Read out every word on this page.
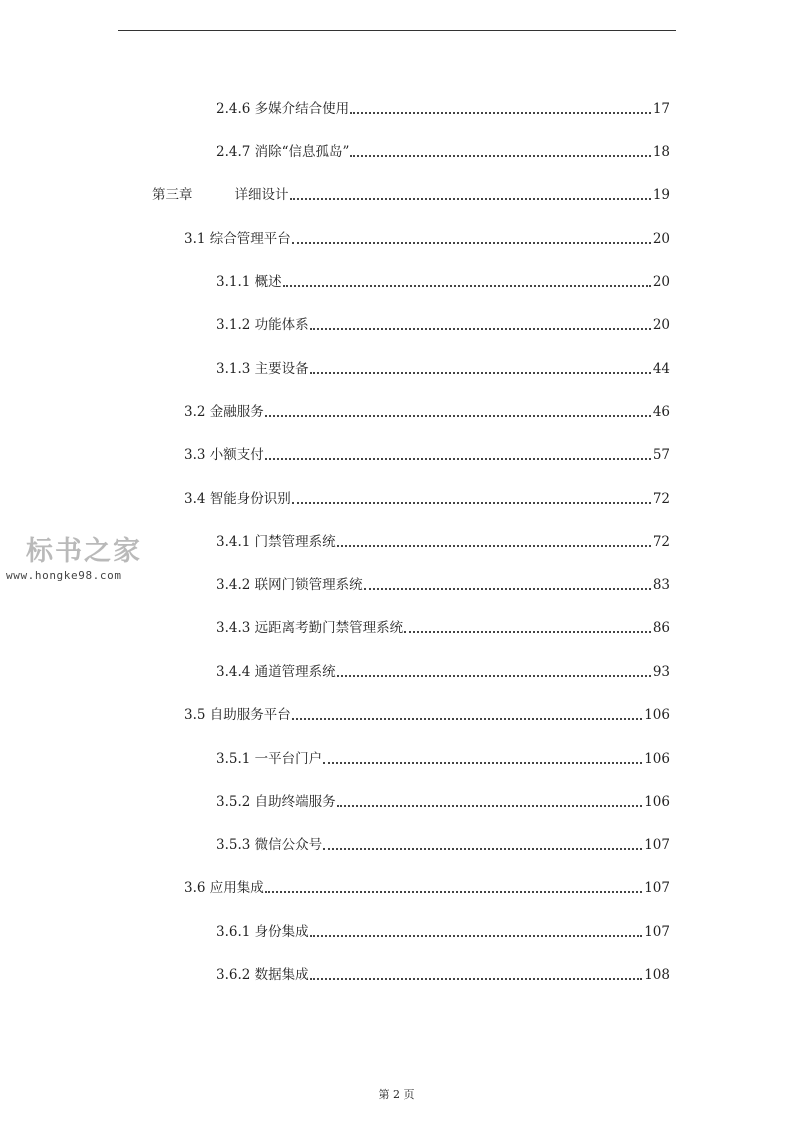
2.4.6 多媒介结合使用	17
2.4.7 消除“信息孤岛”	18
第三章	详细设计	19
3.1 综合管理平台	20
3.1.1 概述	20
3.1.2 功能体系	20
3.1.3 主要设备	44
3.2 金融服务	46
3.3 小额支付	57
3.4 智能身份识别	72
3.4.1 门禁管理系统	72
3.4.2 联网门锁管理系统	83
3.4.3 远距离考勤门禁管理系统	86
3.4.4 通道管理系统	93
3.5 自助服务平台	106
3.5.1 一平台门户	106
3.5.2 自助终端服务	106
3.5.3 微信公众号	107
3.6 应用集成	107
3.6.1 身份集成	107
3.6.2 数据集成	108
标书之家
www.hongke98.com
第 2 页
